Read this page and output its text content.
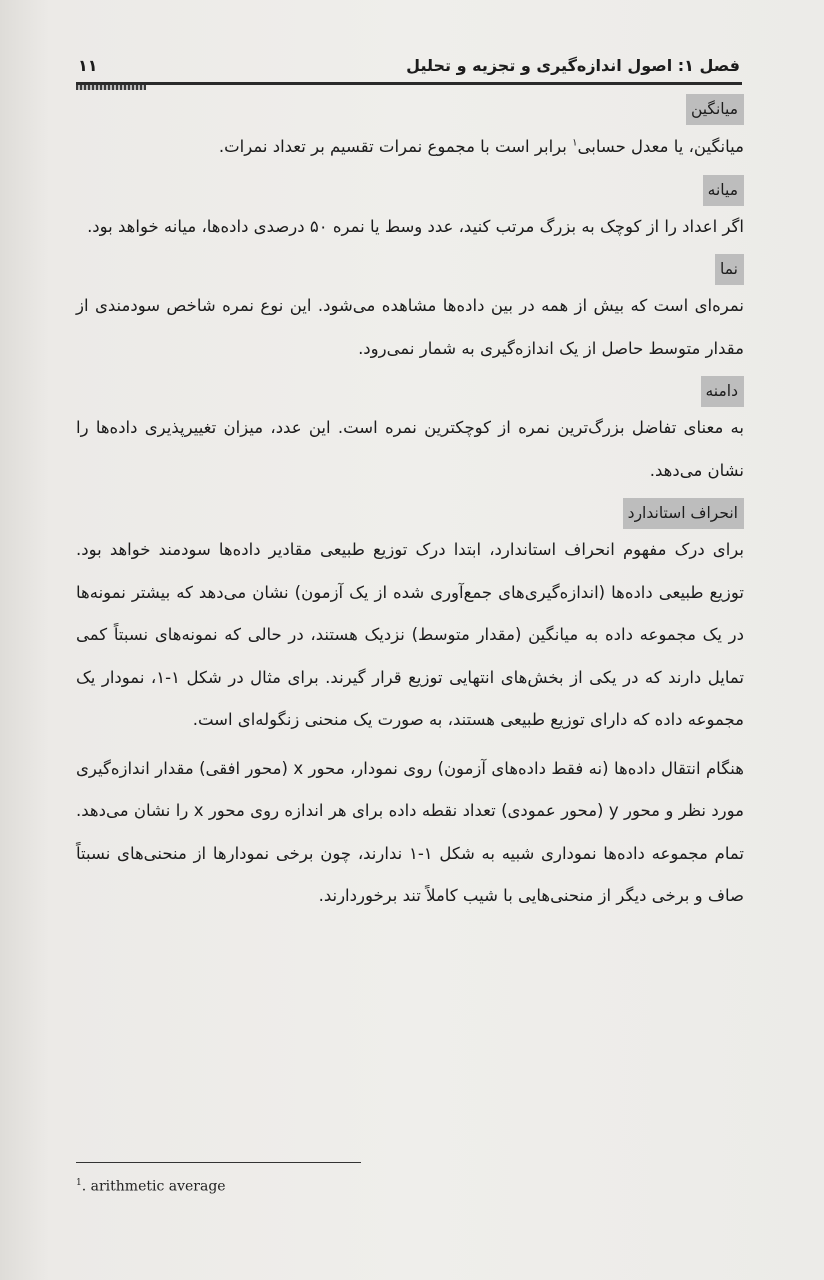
فصل ۱: اصول اندازه‌گیری و تجزیه و تحلیل
۱۱
میانگین

میانگین، یا معدل حسابی$^۱$ برابر است با مجموع نمرات تقسیم بر تعداد نمرات.

میانه

اگر اعداد را از کوچک به بزرگ مرتب کنید، عدد وسط یا نمره ۵۰ درصدی داده‌ها، میانه خواهد بود.

نما

نمره‌ای است که بیش از همه در بین داده‌ها مشاهده می‌شود. این نوع نمره شاخص سودمندی از مقدار متوسط حاصل از یک اندازه‌گیری به شمار نمی‌رود.

دامنه

به معنای تفاضل بزرگ‌ترین نمره از کوچکترین نمره است. این عدد، میزان تغییرپذیری داده‌ها را نشان می‌دهد.

انحراف استاندارد

برای درک مفهوم انحراف استاندارد، ابتدا درک توزیع طبیعی مقادیر داده‌ها سودمند خواهد بود. توزیع طبیعی داده‌ها (اندازه‌گیری‌های جمع‌آوری شده از یک آزمون) نشان می‌دهد که بیشتر نمونه‌ها در یک مجموعه داده به میانگین (مقدار متوسط) نزدیک هستند، در حالی که نمونه‌های نسبتاً کمی تمایل دارند که در یکی از بخش‌های انتهایی توزیع قرار گیرند. برای مثال در شکل ۱-۱، نمودار یک مجموعه داده که دارای توزیع طبیعی هستند، به صورت یک منحنی زنگوله‌ای است.

هنگام انتقال داده‌ها (نه فقط داده‌های آزمون) روی نمودار، محور x (محور افقی) مقدار اندازه‌گیری مورد نظر و محور y (محور عمودی) تعداد نقطه داده برای هر اندازه روی محور x را نشان می‌دهد. تمام مجموعه داده‌ها نموداری شبیه به شکل ۱-۱ ندارند، چون برخی نمودارها از منحنی‌های نسبتاً صاف و برخی دیگر از منحنی‌هایی با شیب کاملاً تند برخوردارند.

$^1$. arithmetic average
